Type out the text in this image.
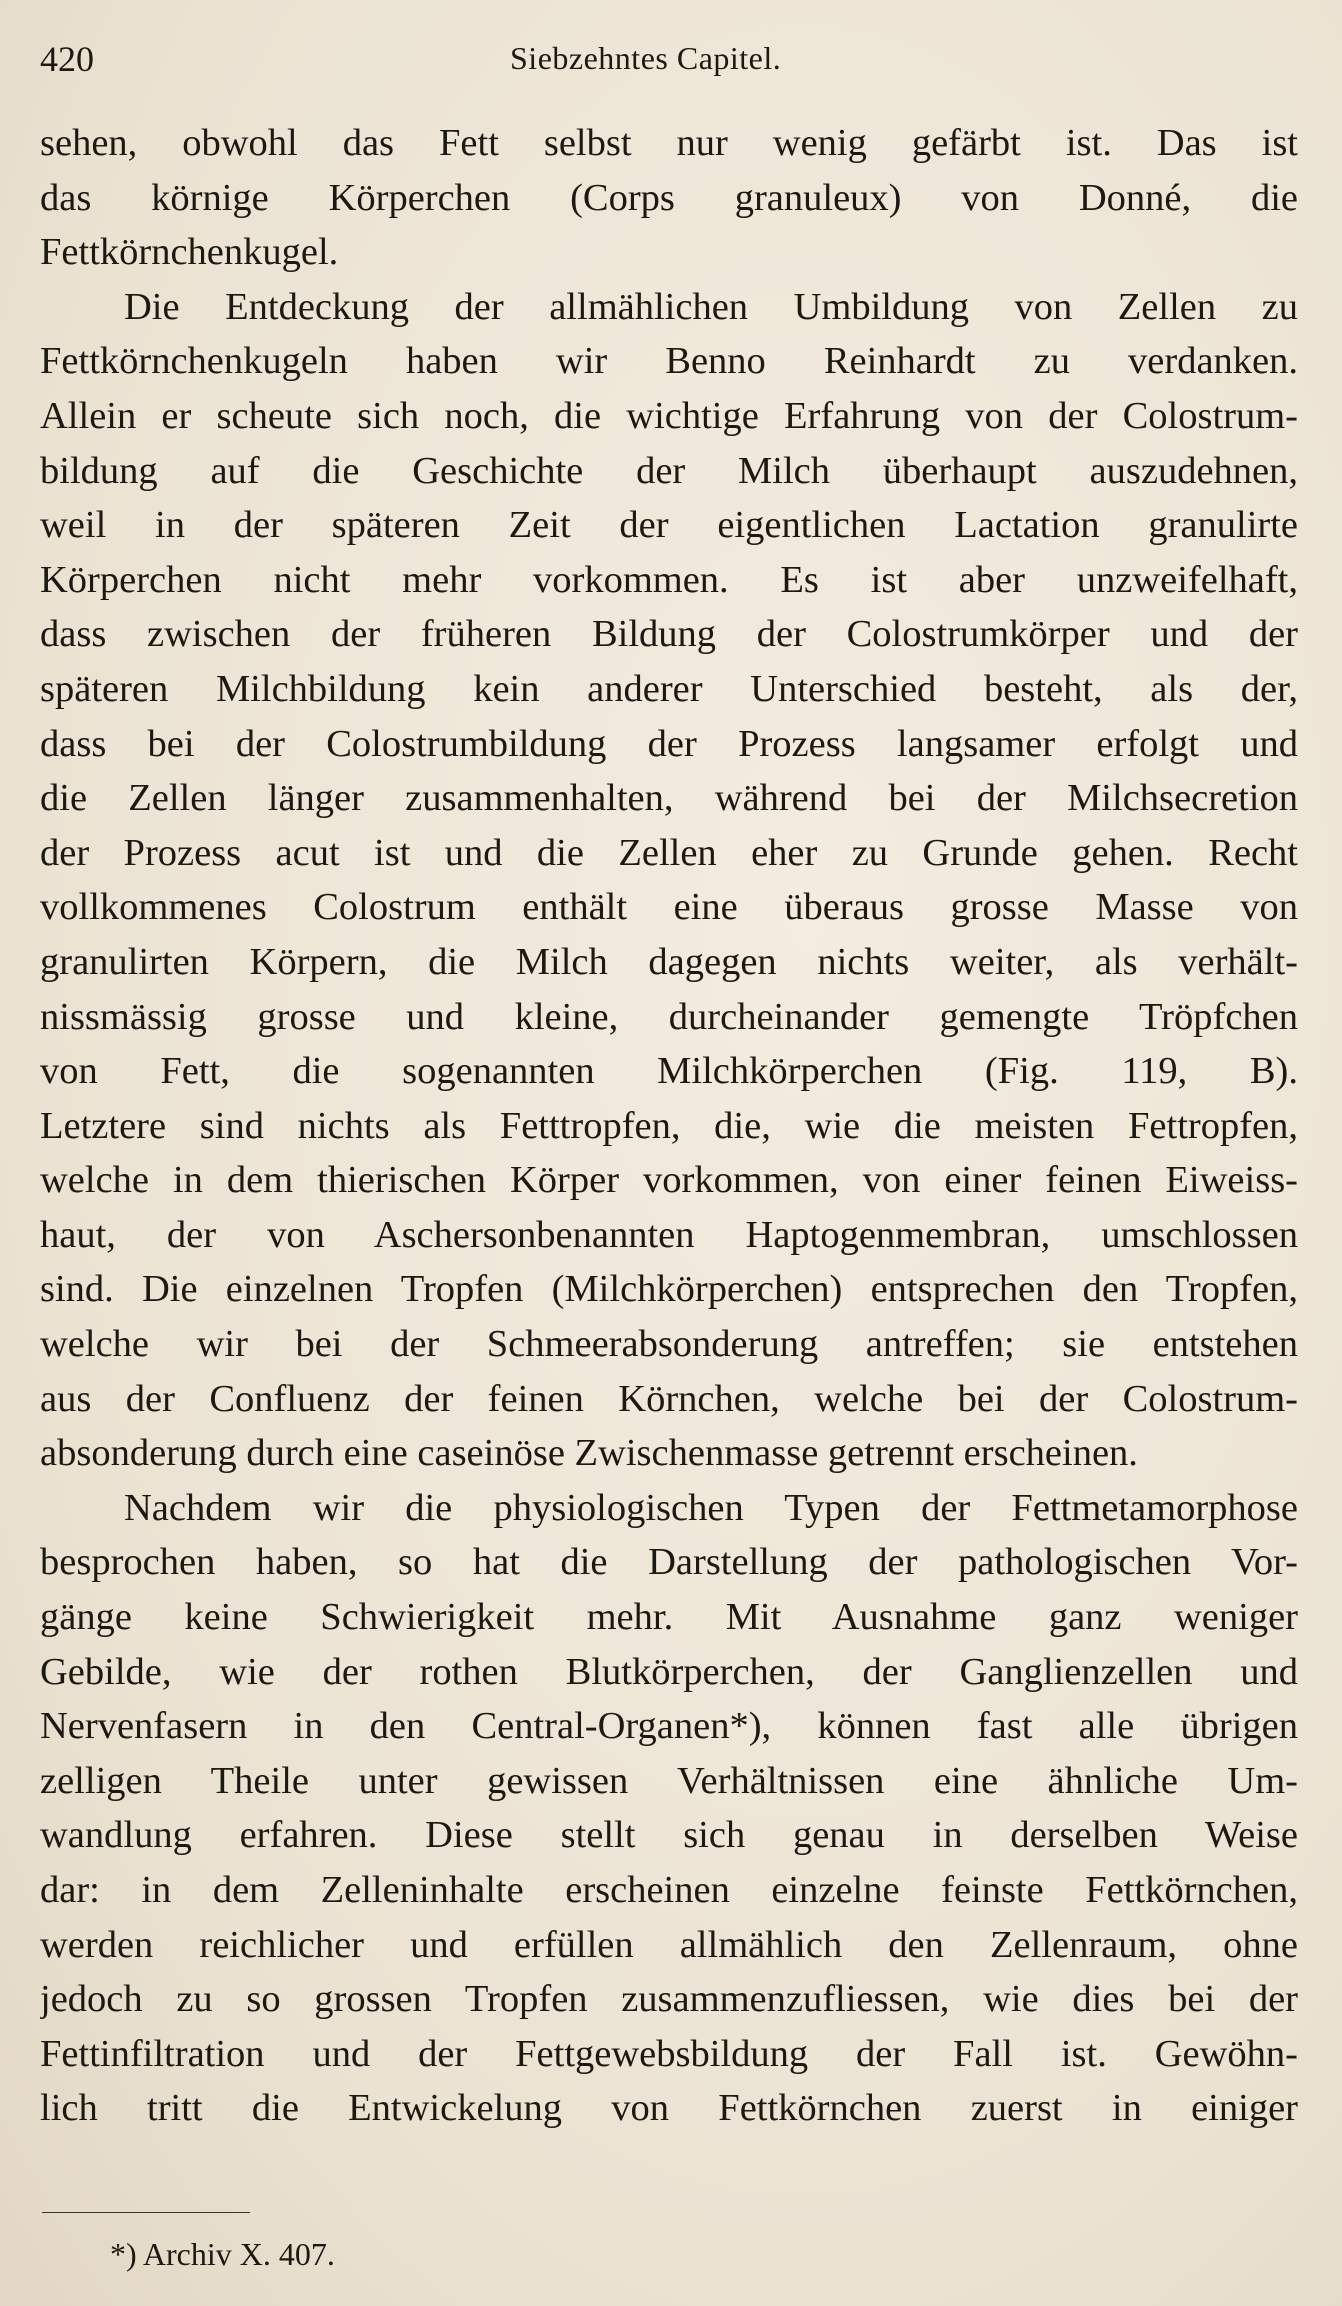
420	Siebzehntes Capitel.
sehen, obwohl das Fett selbst nur wenig gefärbt ist. Das ist
das körnige Körperchen (Corps granuleux) von Donné, die
Fettkörnchenkugel.
Die Entdeckung der allmählichen Umbildung von Zellen zu
Fettkörnchenkugeln haben wir Benno Reinhardt zu verdanken.
Allein er scheute sich noch, die wichtige Erfahrung von der Colostrum-
bildung auf die Geschichte der Milch überhaupt auszudehnen,
weil in der späteren Zeit der eigentlichen Lactation granulirte
Körperchen nicht mehr vorkommen. Es ist aber unzweifelhaft,
dass zwischen der früheren Bildung der Colostrumkörper und der
späteren Milchbildung kein anderer Unterschied besteht, als der,
dass bei der Colostrumbildung der Prozess langsamer erfolgt und
die Zellen länger zusammenhalten, während bei der Milchsecretion
der Prozess acut ist und die Zellen eher zu Grunde gehen. Recht
vollkommenes Colostrum enthält eine überaus grosse Masse von
granulirten Körpern, die Milch dagegen nichts weiter, als verhält-
nissmässig grosse und kleine, durcheinander gemengte Tröpfchen
von Fett, die sogenannten Milchkörperchen (Fig. 119, B).
Letztere sind nichts als Fetttropfen, die, wie die meisten Fettropfen,
welche in dem thierischen Körper vorkommen, von einer feinen Eiweiss-
haut, der von Aschersonbenannten Haptogenmembran, umschlossen
sind. Die einzelnen Tropfen (Milchkörperchen) entsprechen den Tropfen,
welche wir bei der Schmeerabsonderung antreffen; sie entstehen
aus der Confluenz der feinen Körnchen, welche bei der Colostrum-
absonderung durch eine caseinöse Zwischenmasse getrennt erscheinen.
Nachdem wir die physiologischen Typen der Fettmetamorphose
besprochen haben, so hat die Darstellung der pathologischen Vor-
gänge keine Schwierigkeit mehr. Mit Ausnahme ganz weniger
Gebilde, wie der rothen Blutkörperchen, der Ganglienzellen und
Nervenfasern in den Central-Organen*), können fast alle übrigen
zelligen Theile unter gewissen Verhältnissen eine ähnliche Um-
wandlung erfahren. Diese stellt sich genau in derselben Weise
dar: in dem Zelleninhalte erscheinen einzelne feinste Fettkörnchen,
werden reichlicher und erfüllen allmählich den Zellenraum, ohne
jedoch zu so grossen Tropfen zusammenzufliessen, wie dies bei der
Fettinfiltration und der Fettgewebsbildung der Fall ist. Gewöhn-
lich tritt die Entwickelung von Fettkörnchen zuerst in einiger
*) Archiv X. 407.
